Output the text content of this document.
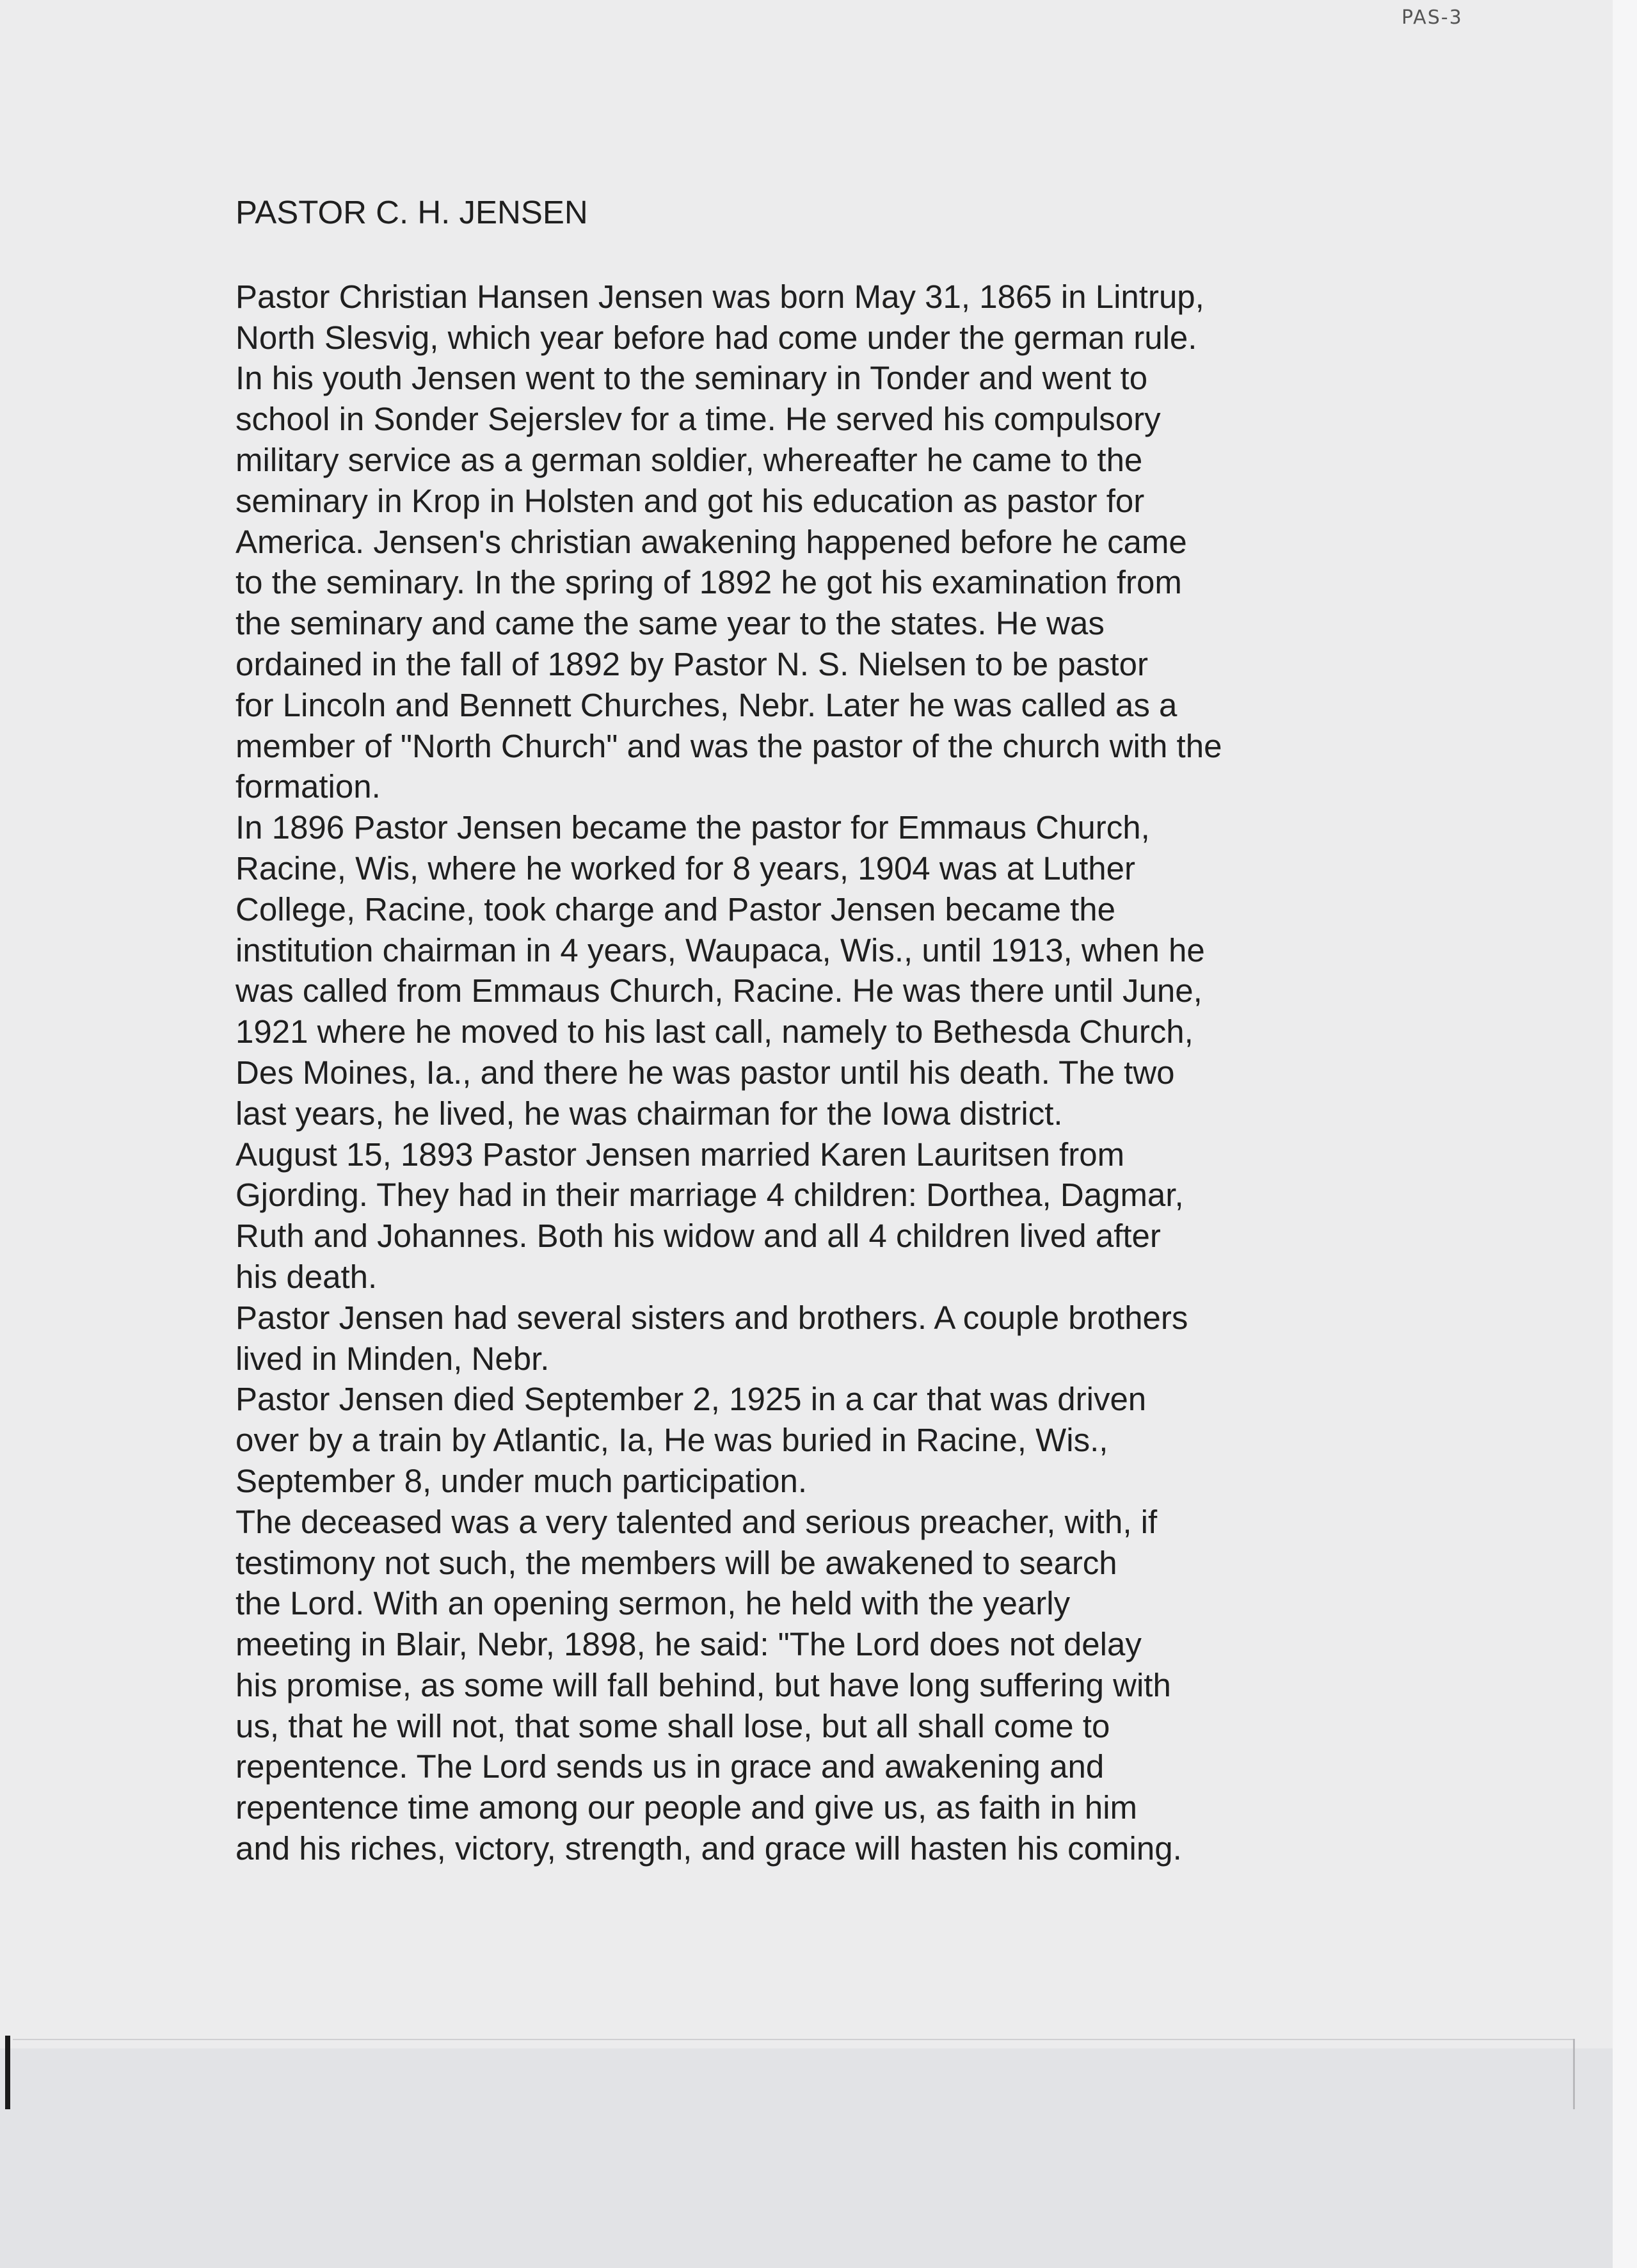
PAS-3
PASTOR C. H. JENSEN
Pastor Christian Hansen Jensen was born May 31, 1865 in Lintrup,
North Slesvig, which year before had come under the german rule.
In his youth Jensen went to the seminary in Tonder and went to
school in Sonder Sejerslev for a time. He served his compulsory
military service as a german soldier, whereafter he came to the
seminary in Krop in Holsten and got his education as pastor for
America. Jensen's christian awakening happened before he came
to the seminary. In the spring of 1892 he got his examination from
the seminary and came the same year to the states. He was
ordained in the fall of 1892 by Pastor N. S. Nielsen to be pastor
for Lincoln and Bennett Churches, Nebr. Later he was called as a
member of "North Church" and was the pastor of the church with the
formation.
In 1896 Pastor Jensen became the pastor for Emmaus Church,
Racine, Wis, where he worked for 8 years, 1904 was at Luther
College, Racine, took charge and Pastor Jensen became the
institution chairman in 4 years, Waupaca, Wis., until 1913, when he
was called from Emmaus Church, Racine. He was there until June,
1921 where he moved to his last call, namely to Bethesda Church,
Des Moines, Ia., and there he was pastor until his death. The two
last years, he lived, he was chairman for the Iowa district.
August 15, 1893 Pastor Jensen married Karen Lauritsen from
Gjording. They had in their marriage 4 children: Dorthea, Dagmar,
Ruth and Johannes. Both his widow and all 4 children lived after
his death.
Pastor Jensen had several sisters and brothers. A couple brothers
lived in Minden, Nebr.
Pastor Jensen died September 2, 1925 in a car that was driven
over by a train by Atlantic, Ia, He was buried in Racine, Wis.,
September 8, under much participation.
The deceased was a very talented and serious preacher, with, if
testimony not such, the members will be awakened to search
the Lord. With an opening sermon, he held with the yearly
meeting in Blair, Nebr, 1898, he said: "The Lord does not delay
his promise, as some will fall behind, but have long suffering with
us, that he will not, that some shall lose, but all shall come to
repentence. The Lord sends us in grace and awakening and
repentence time among our people and give us, as faith in him
and his riches, victory, strength, and grace will hasten his coming.
